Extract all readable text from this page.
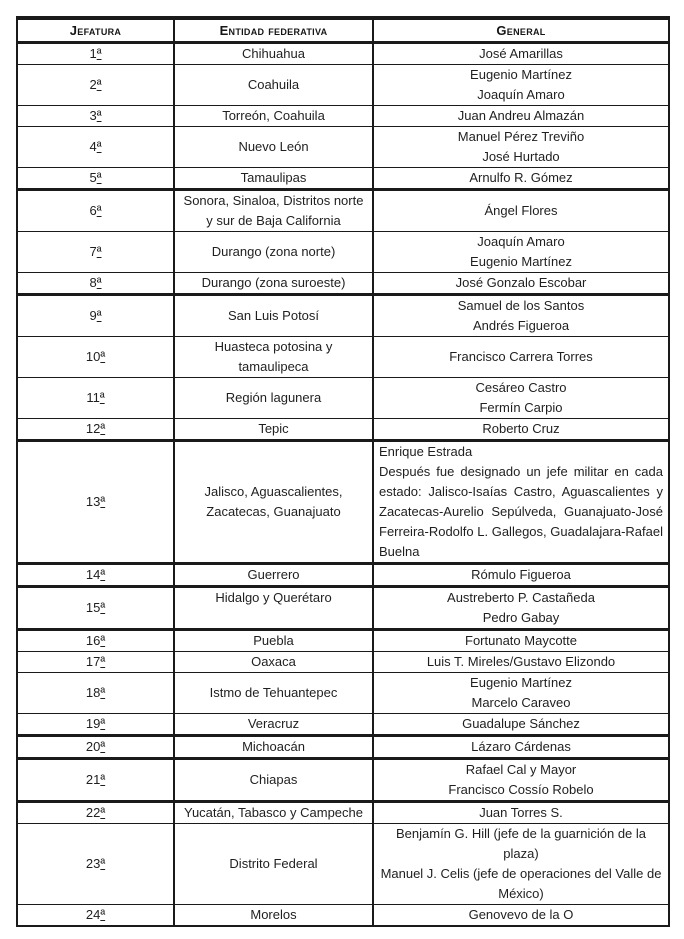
Jefatura	Entidad federativa	General
1ª	Chihuahua	José Amarillas

2ª	Coahuila	Eugenio Martínez
Joaquín Amaro

3ª	Torreón, Coahuila	Juan Andreu Almazán

4ª	Nuevo León	Manuel Pérez Treviño
José Hurtado

5ª	Tamaulipas	Arnulfo R. Gómez

6ª	Sonora, Sinaloa, Distritos norte y sur de Baja California	Ángel Flores

7ª	Durango (zona norte)	Joaquín Amaro
Eugenio Martínez

8ª	Durango (zona suroeste)	José Gonzalo Escobar

9ª	San Luis Potosí	Samuel de los Santos
Andrés Figueroa

10ª	Huasteca potosina y tamaulipeca	Francisco Carrera Torres

11ª	Región lagunera	Cesáreo Castro
Fermín Carpio

12ª	Tepic	Roberto Cruz

13ª	Jalisco, Aguascalientes, Zacatecas, Guanajuato	Enrique Estrada
Después fue designado un jefe militar en cada estado: Jalisco-Isaías Castro, Aguascalientes y Zacatecas-Aurelio Sepúlveda, Guanajuato-José Ferreira-Rodolfo L. Gallegos, Guadalajara-Rafael Buelna

14ª	Guerrero	Rómulo Figueroa

15ª	Hidalgo y Querétaro	Austreberto P. Castañeda
Pedro Gabay

16ª	Puebla	Fortunato Maycotte

17ª	Oaxaca	Luis T. Mireles/Gustavo Elizondo

18ª	Istmo de Tehuantepec	Eugenio Martínez
Marcelo Caraveo

19ª	Veracruz	Guadalupe Sánchez

20ª	Michoacán	Lázaro Cárdenas

21ª	Chiapas	Rafael Cal y Mayor
Francisco Cossío Robelo

22ª	Yucatán, Tabasco y Campeche	Juan Torres S.

23ª	Distrito Federal	Benjamín G. Hill (jefe de la guarnición de la plaza)
Manuel J. Celis (jefe de operaciones del Valle de México)

24ª	Morelos	Genovevo de la O
